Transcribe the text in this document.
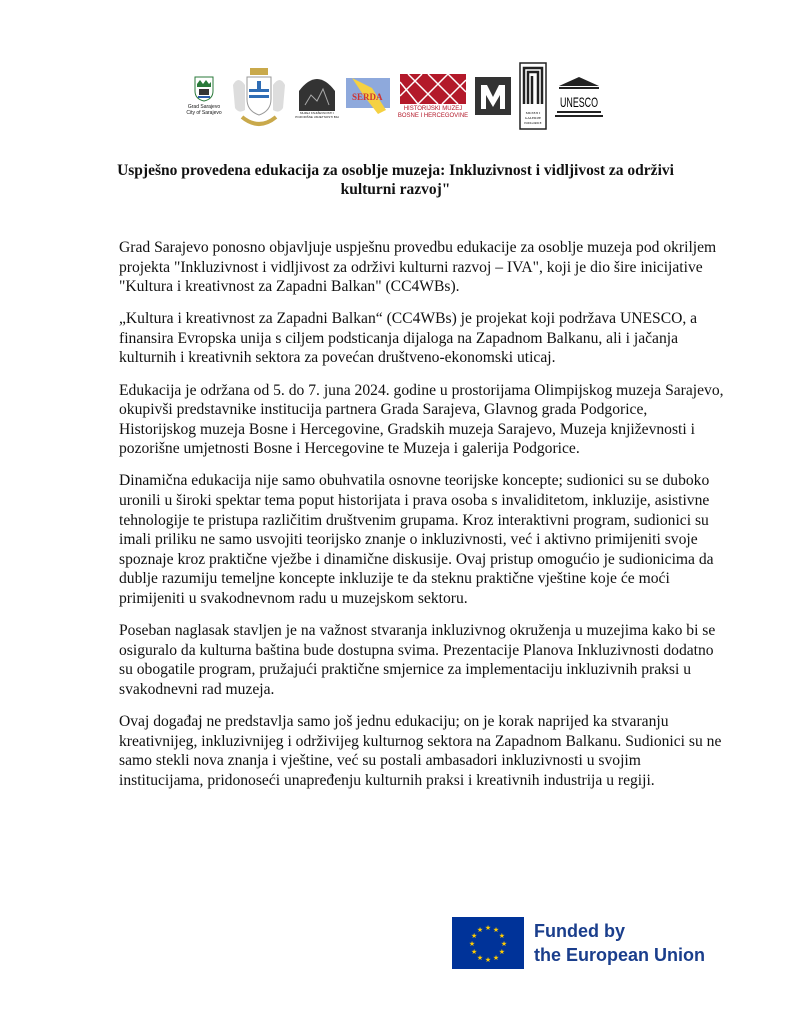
Grad Sarajevo
City of Sarajevo	MUZEJ KNJIŽEVNOSTI I POZORIŠNE UMJETNOSTI BIH
SERDA
HISTORIJSKI MUZEJ
BOSNE I HERCEGOVINE	MUZEJI I
GALERIJE
PODGORICE
UNESCO
Uspješno provedena edukacija za osoblje muzeja: Inkluzivnost i vidljivost za održivi
kulturni razvoj"

Grad Sarajevo ponosno objavljuje uspješnu provedbu edukacije za osoblje muzeja pod okriljem
projekta "Inkluzivnost i vidljivost za održivi kulturni razvoj – IVA", koji je dio šire inicijative
"Kultura i kreativnost za Zapadni Balkan" (CC4WBs).

„Kultura i kreativnost za Zapadni Balkan“ (CC4WBs) je projekat koji podržava UNESCO, a
finansira Evropska unija s ciljem podsticanja dijaloga na Zapadnom Balkanu, ali i jačanja
kulturnih i kreativnih sektora za povećan društveno-ekonomski uticaj.

Edukacija je održana od 5. do 7. juna 2024. godine u prostorijama Olimpijskog muzeja Sarajevo,
okupivši predstavnike institucija partnera Grada Sarajeva, Glavnog grada Podgorice,
Historijskog muzeja Bosne i Hercegovine, Gradskih muzeja Sarajevo, Muzeja književnosti i
pozorišne umjetnosti Bosne i Hercegovine te Muzeja i galerija Podgorice.

Dinamična edukacija nije samo obuhvatila osnovne teorijske koncepte; sudionici su se duboko
uronili u široki spektar tema poput historijata i prava osoba s invaliditetom, inkluzije, asistivne
tehnologije te pristupa različitim društvenim grupama. Kroz interaktivni program, sudionici su
imali priliku ne samo usvojiti teorijsko znanje o inkluzivnosti, već i aktivno primijeniti svoje
spoznaje kroz praktične vježbe i dinamične diskusije. Ovaj pristup omogućio je sudionicima da
dublje razumiju temeljne koncepte inkluzije te da steknu praktične vještine koje će moći
primijeniti u svakodnevnom radu u muzejskom sektoru.

Poseban naglasak stavljen je na važnost stvaranja inkluzivnog okruženja u muzejima kako bi se
osiguralo da kulturna baština bude dostupna svima. Prezentacije Planova Inkluzivnosti dodatno
su obogatile program, pružajući praktične smjernice za implementaciju inkluzivnih praksi u
svakodnevni rad muzeja.

Ovaj događaj ne predstavlja samo još jednu edukaciju; on je korak naprijed ka stvaranju
kreativnijeg, inkluzivnijeg i održivijeg kulturnog sektora na Zapadnom Balkanu. Sudionici su ne
samo stekli nova znanja i vještine, već su postali ambasadori inkluzivnosti u svojim
institucijama, pridonoseći unapređenju kulturnih praksi i kreativnih industrija u regiji.

★
★
★
★
★
★
★
★
★ ★ ★
★ Funded by
the European Union
